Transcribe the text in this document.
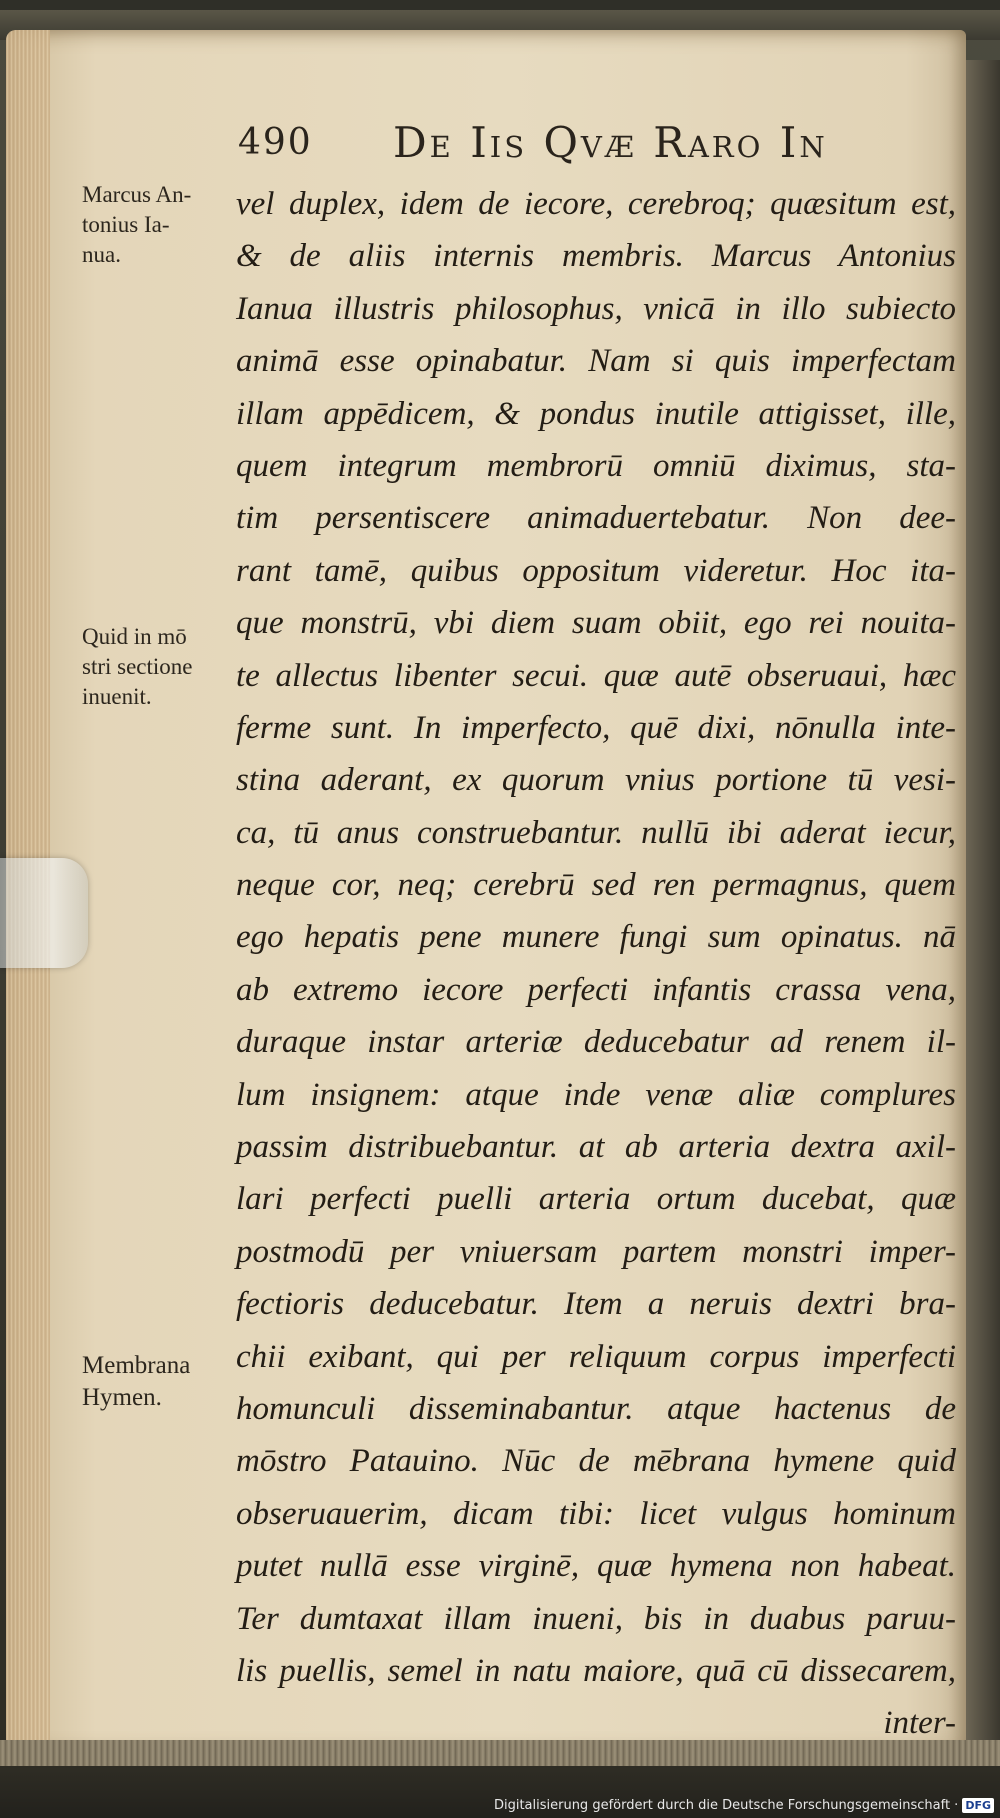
490 De Iis Qvæ Raro In
Marcus An-
tonius Ia-
nua.
Quid in mō
stri sectione
inuenit.
Membrana
Hymen.
vel duplex, idem de iecore, cerebroq; quæsitum est,
& de aliis internis membris. Marcus Antonius
Ianua illustris philosophus, vnicā in illo subiecto
animā esse opinabatur. Nam si quis imperfectam
illam appēdicem, & pondus inutile attigisset, ille,
quem integrum membrorū omniū diximus, sta-
tim persentiscere animaduertebatur. Non dee-
rant tamē, quibus oppositum videretur. Hoc ita-
que monstrū, vbi diem suam obiit, ego rei nouita-
te allectus libenter secui. quæ autē obseruaui, hæc
ferme sunt. In imperfecto, quē dixi, nōnulla inte-
stina aderant, ex quorum vnius portione tū vesi-
ca, tū anus construebantur. nullū ibi aderat iecur,
neque cor, neq; cerebrū sed ren permagnus, quem
ego hepatis pene munere fungi sum opinatus. nā
ab extremo iecore perfecti infantis crassa vena,
duraque instar arteriæ deducebatur ad renem il-
lum insignem: atque inde venæ aliæ complures
passim distribuebantur. at ab arteria dextra axil-
lari perfecti puelli arteria ortum ducebat, quæ
postmodū per vniuersam partem monstri imper-
fectioris deducebatur. Item a neruis dextri bra-
chii exibant, qui per reliquum corpus imperfecti
homunculi disseminabantur. atque hactenus de
mōstro Patauino. Nūc de mēbrana hymene quid
obseruauerim, dicam tibi: licet vulgus hominum
putet nullā esse virginē, quæ hymena non habeat.
Ter dumtaxat illam inueni, bis in duabus paruu-
lis puellis, semel in natu maiore, quā cū dissecarem,
inter-
Digitalisierung gefördert durch die Deutsche Forschungsgemeinschaft · DFG
